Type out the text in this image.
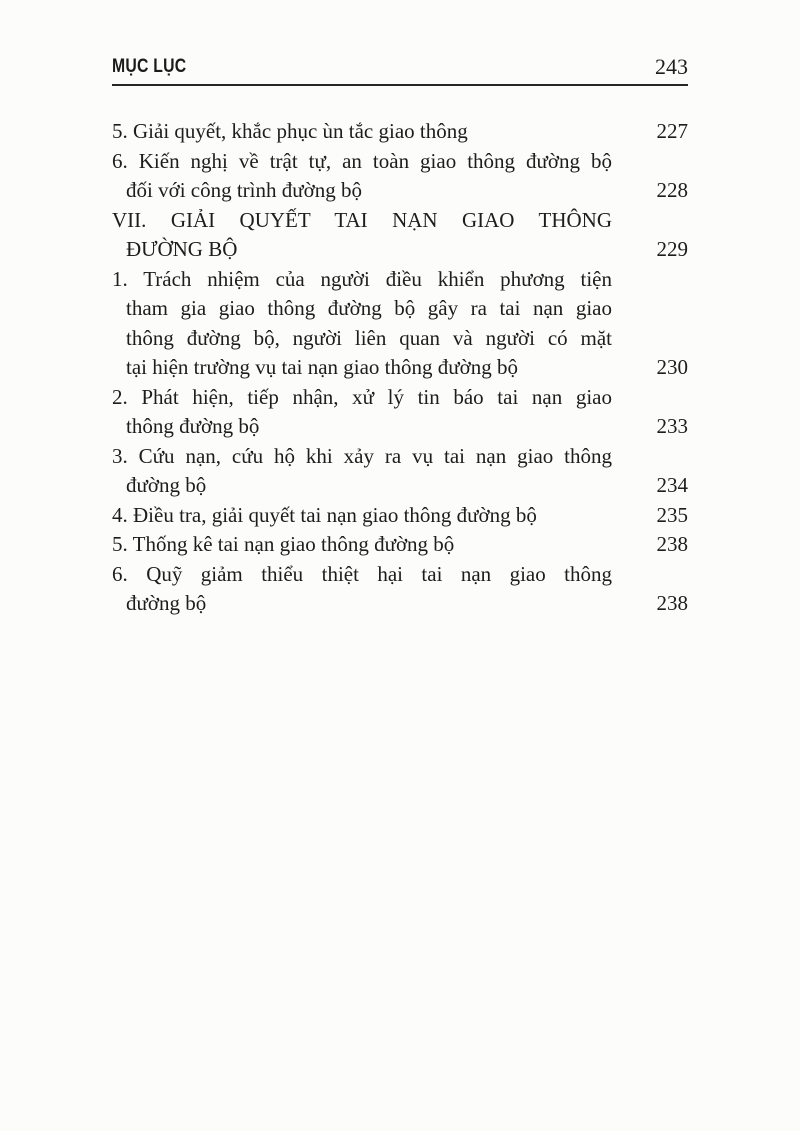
MỤC LỤC	243

5. Giải quyết, khắc phục ùn tắc giao thông	227

6. Kiến nghị về trật tự, an toàn giao thông đường bộ
đối với công trình đường bộ	228

VII. GIẢI QUYẾT TAI NẠN GIAO THÔNG
ĐƯỜNG BỘ	229

1. Trách nhiệm của người điều khiển phương tiện
tham gia giao thông đường bộ gây ra tai nạn giao
thông đường bộ, người liên quan và người có mặt
tại hiện trường vụ tai nạn giao thông đường bộ	230

2. Phát hiện, tiếp nhận, xử lý tin báo tai nạn giao
thông đường bộ	233

3. Cứu nạn, cứu hộ khi xảy ra vụ tai nạn giao thông
đường bộ	234

4. Điều tra, giải quyết tai nạn giao thông đường bộ	235

5. Thống kê tai nạn giao thông đường bộ	238

6. Quỹ giảm thiểu thiệt hại tai nạn giao thông
đường bộ	238
